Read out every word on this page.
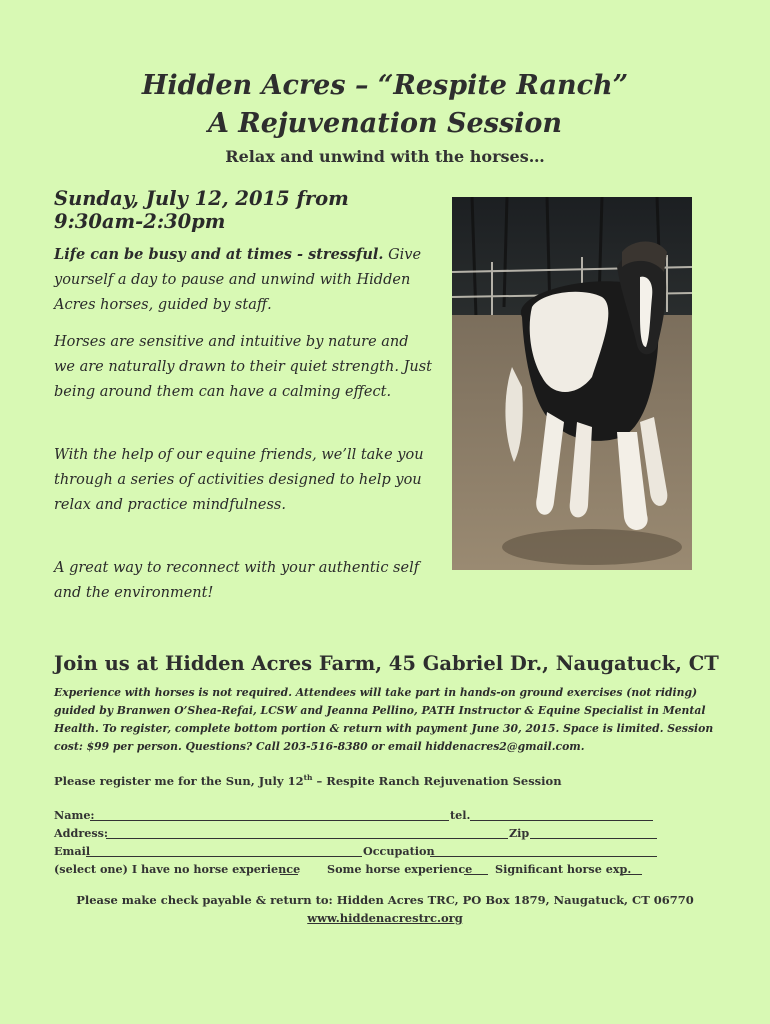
Hidden Acres – “Respite Ranch”
A Rejuvenation Session
Relax and unwind with the horses…
Sunday, July 12, 2015 from 9:30am-2:30pm
Life can be busy and at times - stressful. Give yourself a day to pause and unwind with Hidden Acres horses, guided by staff.
Horses are sensitive and intuitive by nature and we are naturally drawn to their quiet strength. Just being around them can have a calming effect.
With the help of our equine friends, we’ll take you through a series of activities designed to help you relax and practice mindfulness.
A great way to reconnect with your authentic self and the environment!
Join us at Hidden Acres Farm, 45 Gabriel Dr., Naugatuck, CT
Experience with horses is not required. Attendees will take part in hands-on ground exercises (not riding) guided by Branwen O’Shea-Refai, LCSW and Jeanna Pellino, PATH Instructor & Equine Specialist in Mental Health. To register, complete bottom portion & return with payment June 30, 2015. Space is limited. Session cost: $99 per person. Questions? Call 203-516-8380 or email hiddenacres2@gmail.com.
Please register me for the Sun, July 12th – Respite Ranch Rejuvenation Session
Name:	tel.
Address:	Zip
Email	Occupation
(select one) I have no horse experience Some horse experience Significant horse exp.
Please make check payable & return to: Hidden Acres TRC, PO Box 1879, Naugatuck, CT 06770
www.hiddenacrestrc.org
